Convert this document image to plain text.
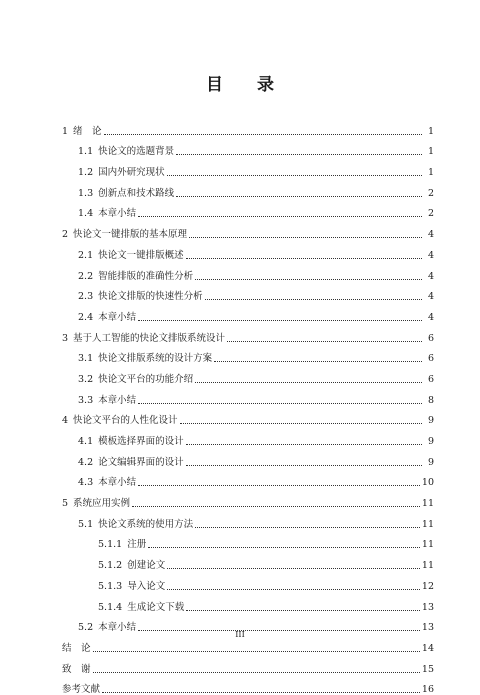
目 录
1 绪　论	1
1.1 快论文的选题背景	1
1.2 国内外研究现状	1
1.3 创新点和技术路线	2
1.4 本章小结	2
2 快论文一键排版的基本原理	4
2.1 快论文一键排版概述	4
2.2 智能排版的准确性分析	4
2.3 快论文排版的快速性分析	4
2.4 本章小结	4
3 基于人工智能的快论文排版系统设计	6
3.1 快论文排版系统的设计方案	6
3.2 快论文平台的功能介绍	6
3.3 本章小结	8
4 快论文平台的人性化设计	9
4.1 模板选择界面的设计	9
4.2 论文编辑界面的设计	9
4.3 本章小结	10
5 系统应用实例	11
5.1 快论文系统的使用方法	11
5.1.1 注册	11
5.1.2 创建论文	11
5.1.3 导入论文	12
5.1.4 生成论文下载	13
5.2 本章小结	13
结　论	14
致　谢	15
参考文献	16
III
